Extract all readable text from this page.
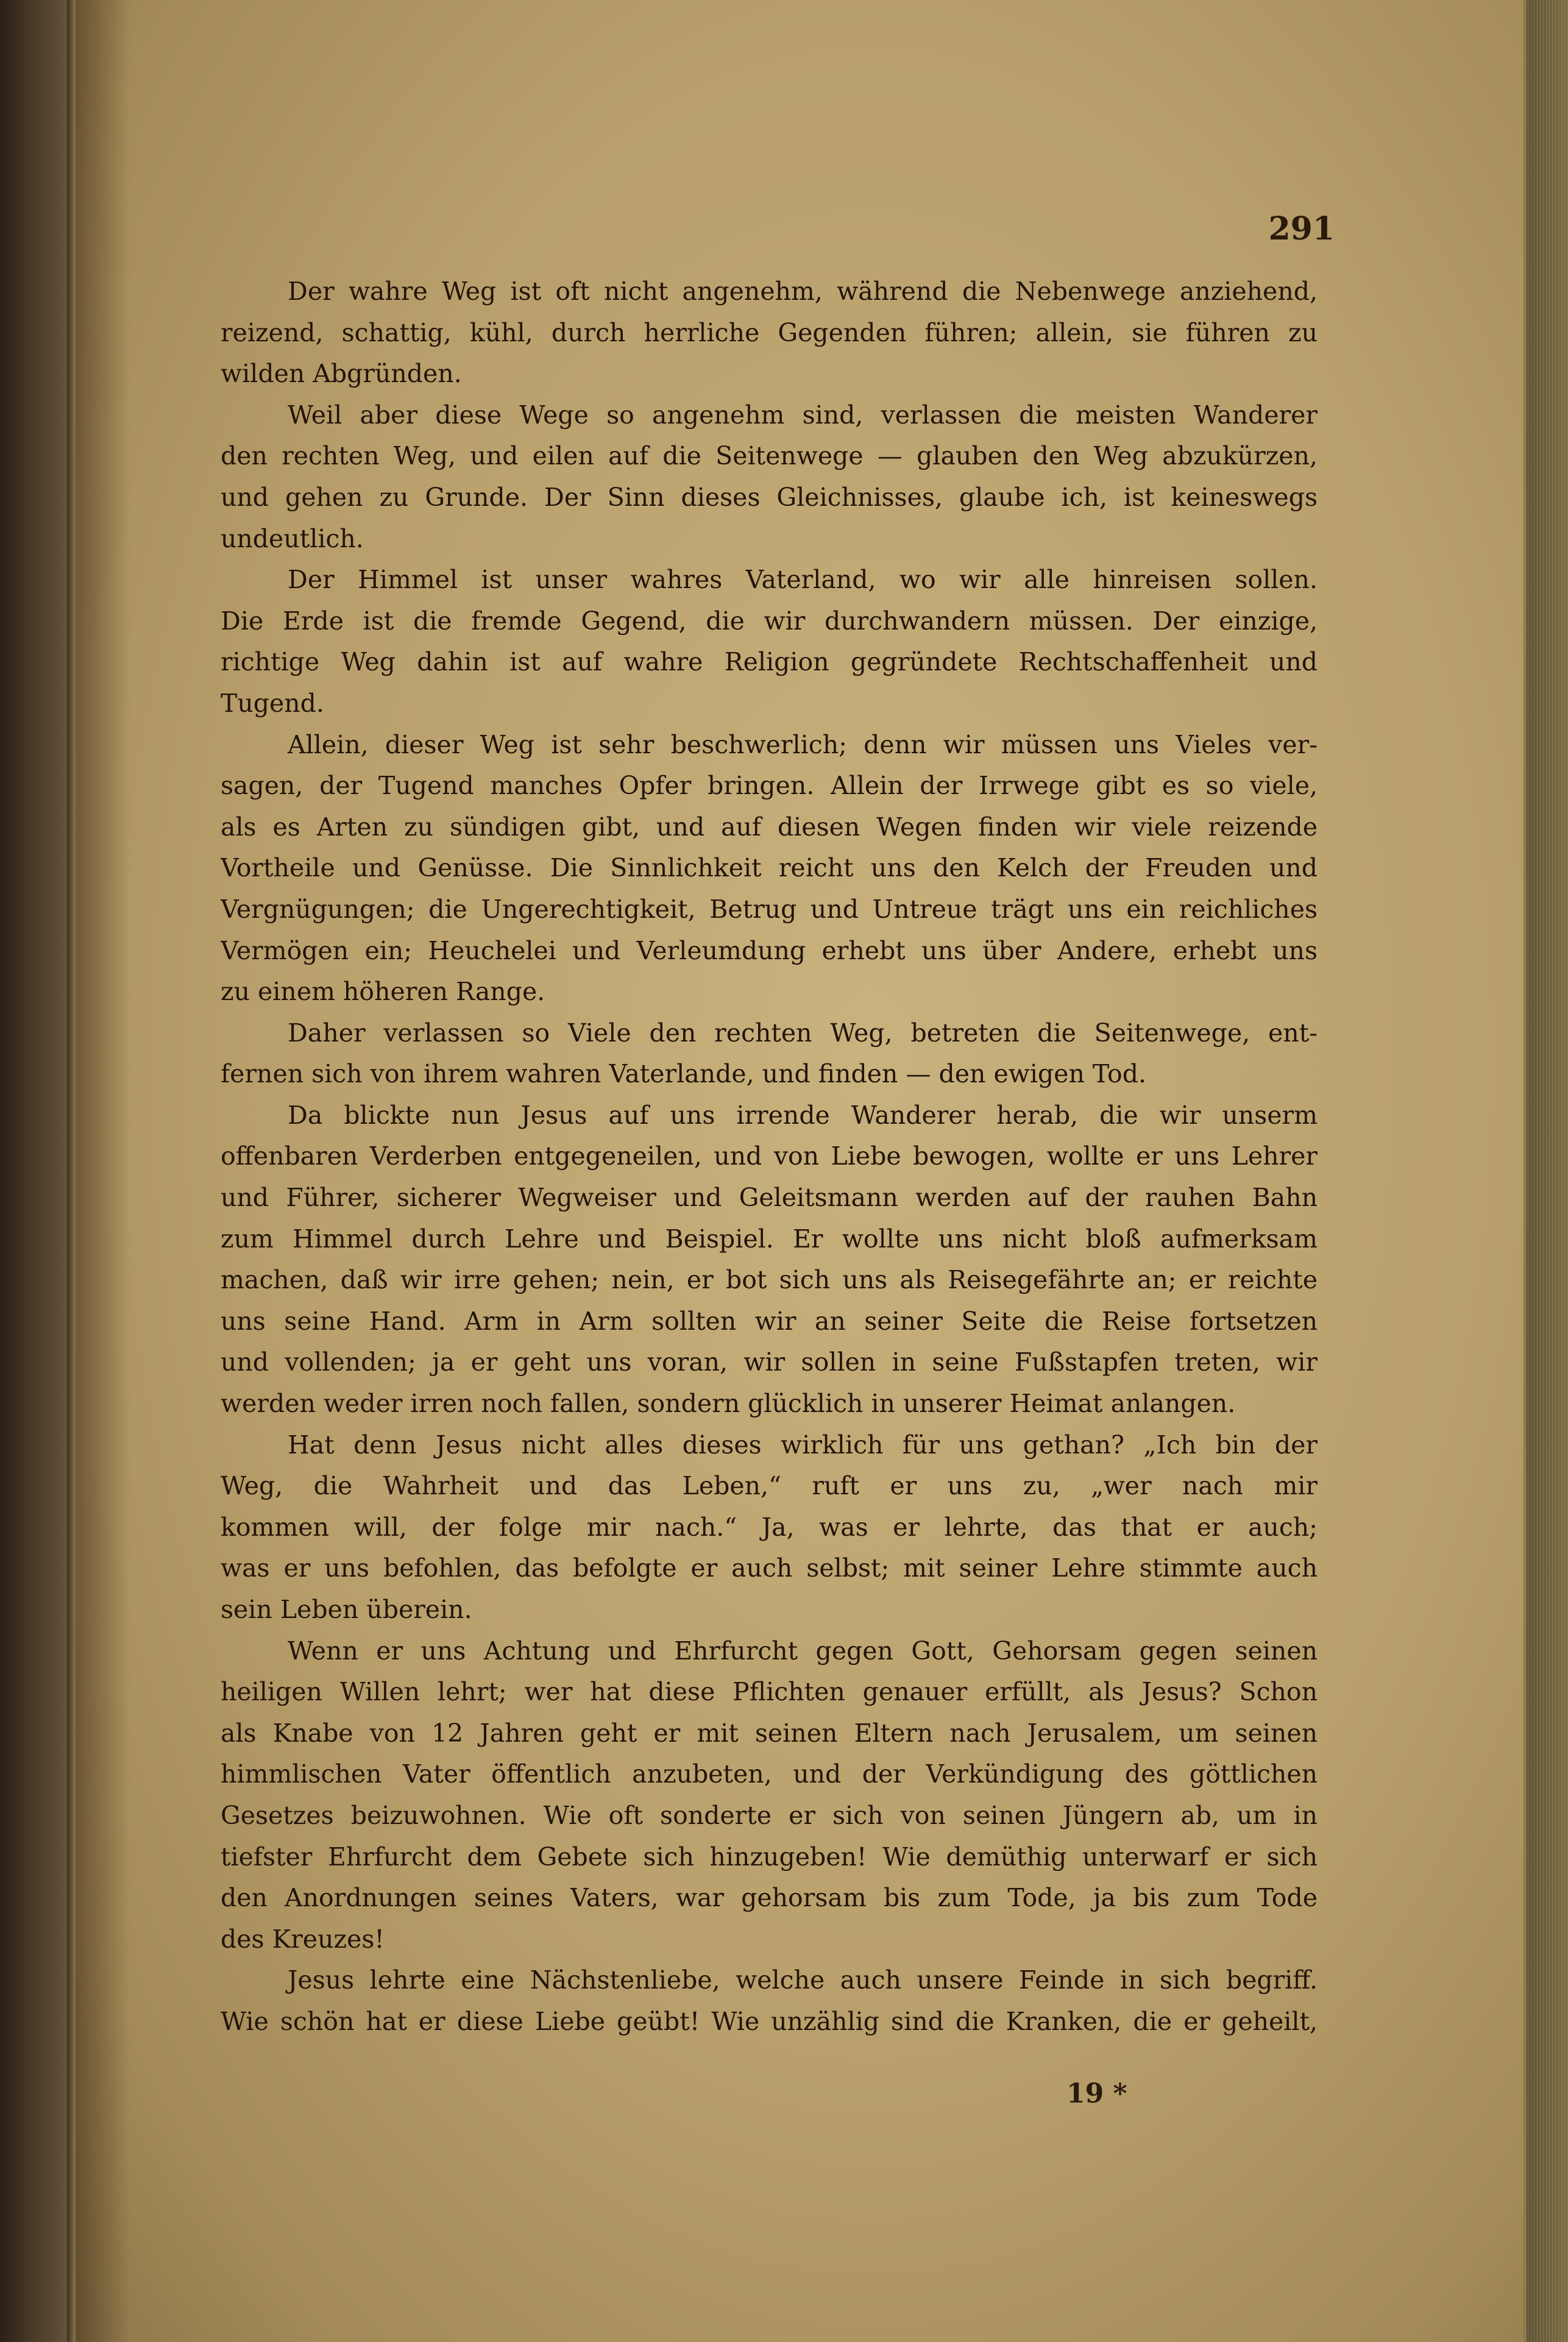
291
Der wahre Weg ist oft nicht angenehm, während die Nebenwege anziehend,
reizend, schattig, kühl, durch herrliche Gegenden führen; allein, sie führen zu
wilden Abgründen.
Weil aber diese Wege so angenehm sind, verlassen die meisten Wanderer
den rechten Weg, und eilen auf die Seitenwege — glauben den Weg abzukürzen,
und gehen zu Grunde. Der Sinn dieses Gleichnisses, glaube ich, ist keineswegs
undeutlich.
Der Himmel ist unser wahres Vaterland, wo wir alle hinreisen sollen.
Die Erde ist die fremde Gegend, die wir durchwandern müssen. Der einzige,
richtige Weg dahin ist auf wahre Religion gegründete Rechtschaffenheit und
Tugend.
Allein, dieser Weg ist sehr beschwerlich; denn wir müssen uns Vieles ver-
sagen, der Tugend manches Opfer bringen. Allein der Irrwege gibt es so viele,
als es Arten zu sündigen gibt, und auf diesen Wegen finden wir viele reizende
Vortheile und Genüsse. Die Sinnlichkeit reicht uns den Kelch der Freuden und
Vergnügungen; die Ungerechtigkeit, Betrug und Untreue trägt uns ein reichliches
Vermögen ein; Heuchelei und Verleumdung erhebt uns über Andere, erhebt uns
zu einem höheren Range.
Daher verlassen so Viele den rechten Weg, betreten die Seitenwege, ent-
fernen sich von ihrem wahren Vaterlande, und finden — den ewigen Tod.
Da blickte nun Jesus auf uns irrende Wanderer herab, die wir unserm
offenbaren Verderben entgegeneilen, und von Liebe bewogen, wollte er uns Lehrer
und Führer, sicherer Wegweiser und Geleitsmann werden auf der rauhen Bahn
zum Himmel durch Lehre und Beispiel. Er wollte uns nicht bloß aufmerksam
machen, daß wir irre gehen; nein, er bot sich uns als Reisegefährte an; er reichte
uns seine Hand. Arm in Arm sollten wir an seiner Seite die Reise fortsetzen
und vollenden; ja er geht uns voran, wir sollen in seine Fußstapfen treten, wir
werden weder irren noch fallen, sondern glücklich in unserer Heimat anlangen.
Hat denn Jesus nicht alles dieses wirklich für uns gethan? „Ich bin der
Weg, die Wahrheit und das Leben,“ ruft er uns zu, „wer nach mir
kommen will, der folge mir nach.“ Ja, was er lehrte, das that er auch;
was er uns befohlen, das befolgte er auch selbst; mit seiner Lehre stimmte auch
sein Leben überein.
Wenn er uns Achtung und Ehrfurcht gegen Gott, Gehorsam gegen seinen
heiligen Willen lehrt; wer hat diese Pflichten genauer erfüllt, als Jesus? Schon
als Knabe von 12 Jahren geht er mit seinen Eltern nach Jerusalem, um seinen
himmlischen Vater öffentlich anzubeten, und der Verkündigung des göttlichen
Gesetzes beizuwohnen. Wie oft sonderte er sich von seinen Jüngern ab, um in
tiefster Ehrfurcht dem Gebete sich hinzugeben! Wie demüthig unterwarf er sich
den Anordnungen seines Vaters, war gehorsam bis zum Tode, ja bis zum Tode
des Kreuzes!
Jesus lehrte eine Nächstenliebe, welche auch unsere Feinde in sich begriff.
Wie schön hat er diese Liebe geübt! Wie unzählig sind die Kranken, die er geheilt,
19 *
